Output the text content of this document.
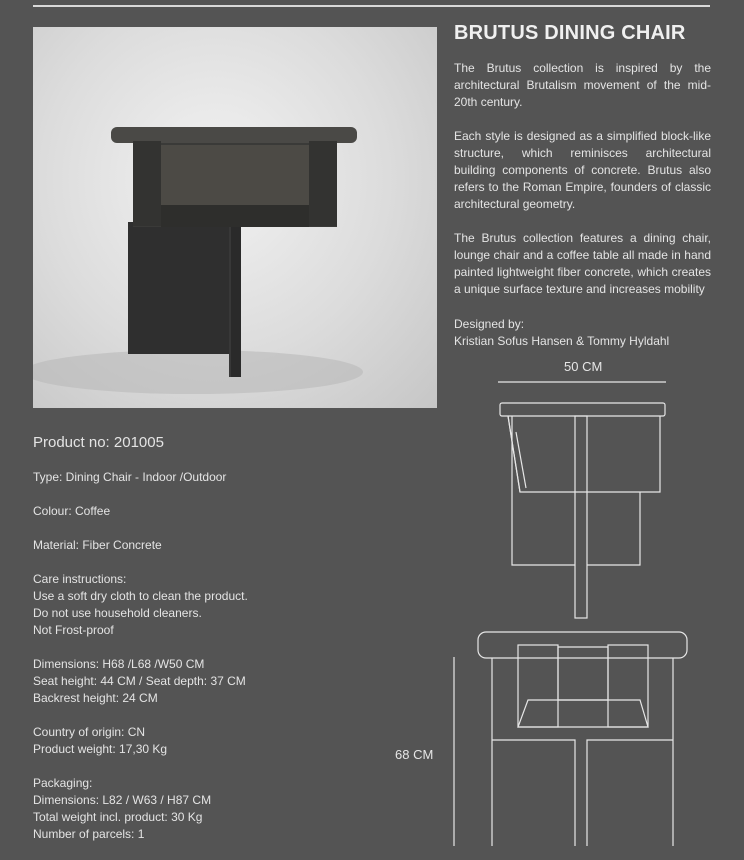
BRUTUS DINING CHAIR

The Brutus collection is inspired by the architectural Brutalism movement of the mid-20th century.

Each style is designed as a simplified block-like structure, which reminisces architectural building components of concrete. Brutus also refers to the Roman Empire, founders of classic architectural geometry.

The Brutus collection features a dining chair, lounge chair and a coffee table all made in hand painted lightweight fiber concrete, which creates a unique surface texture and increases mobility

Designed by:
Kristian Sofus Hansen & Tommy Hyldahl
Product no: 201005
Type: Dining Chair - Indoor /Outdoor
Colour: Coffee
Material: Fiber Concrete
Care instructions:
Use a soft dry cloth to clean the product.
Do not use household cleaners.
Not Frost-proof
Dimensions: H68 /L68 /W50 CM
Seat height: 44 CM / Seat depth: 37 CM
Backrest height: 24 CM
Country of origin: CN
Product weight: 17,30 Kg
Packaging:
Dimensions: L82 / W63 / H87 CM
Total weight incl. product: 30 Kg
Number of parcels: 1
50 CM
68 CM
